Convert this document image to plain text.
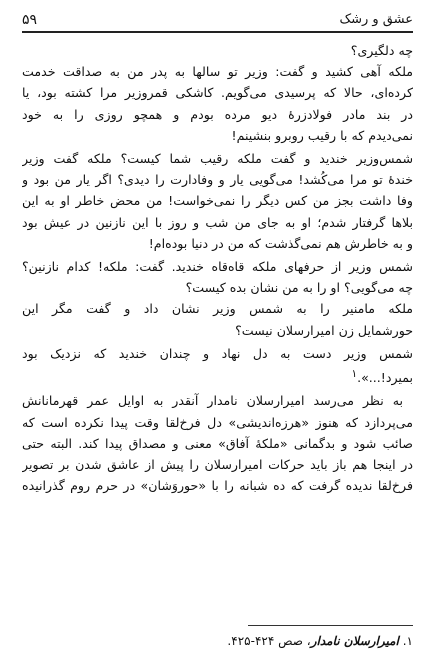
عشق و رشک
۵۹

چه دلگیری؟

ملکه آهی کشید و گفت: وزیر تو سالها به پدر من به صداقت خدمت
کرده‌ای، حالا که پرسیدی می‌گویم. کاشکی قمروزیر مرا کشته بود، یا
در بند مادر فولادزرهٔ دیو مرده بودم و همچو روزی را به خود
نمی‌دیدم که با رقیب روبرو بنشینم!

شمس‌وزیر خندید و گفت ملکه رقیب شما کیست؟ ملکه گفت وزیر
خندهٔ تو مرا می‌کُشد! می‌گویی یار و وفادارت را دیدی؟ اگر یار من بود و
وفا داشت بجز من کس دیگر را نمی‌خواست! من محض خاطر او به این
بلاها گرفتار شدم؛ او به جای من شب و روز با این نازنین در عیش بود
و به خاطرش هم نمی‌گذشت که من در دنیا بوده‌ام!

شمس وزیر از حرفهای ملکه قاه‌قاه خندید. گفت: ملکه! کدام نازنین؟
چه می‌گویی؟ او را به من نشان بده کیست؟

ملکه مامنیر را به شمس وزیر نشان داد و گفت مگر این
حورشمایل زن امیرارسلان نیست؟

شمس وزیر دست به دل نهاد و چندان خندید که نزدیک بود
بمیرد!...».$^۱$

به نظر می‌رسد امیرارسلان نامدار آنقدر به اوایل عمر قهرمانانش
می‌پردازد که هنوز «هرزه‌اندیشی» دل فرخ‌لقا وقت پیدا نکرده است که
صائب شود و بدگمانی «ملکهٔ آفاق» معنی و مصداق پیدا کند. البته حتی
در اینجا هم باز باید حرکات امیرارسلان را پیش از عاشق شدن بر تصویر
فرخ‌لقا ندیده گرفت که ده شبانه را با «حوروَشان» در حرم روم گذرانیده

۱. امیرارسلان نامدار، صص ۴۲۴-۴۲۵.
